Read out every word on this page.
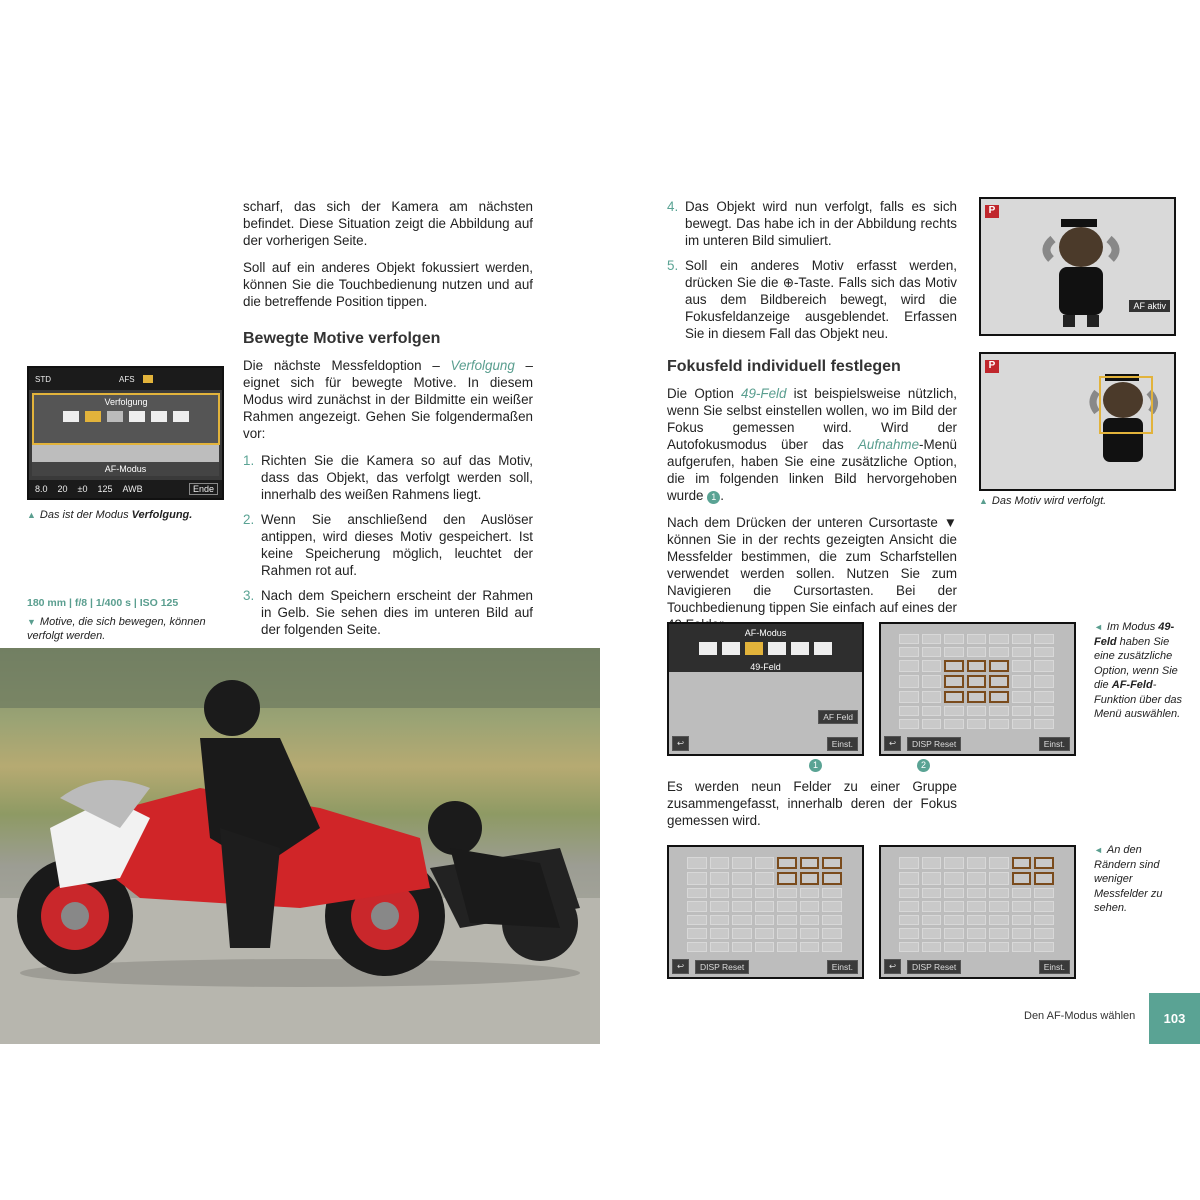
scharf, das sich der Kamera am nächsten befindet. Diese Situation zeigt die Abbildung auf der vorherigen Seite.

Soll auf ein anderes Objekt fokussiert werden, können Sie die Touchbedienung nutzen und auf die betreffende Position tippen.

Bewegte Motive verfolgen

Die nächste Messfeldoption – Verfolgung – eignet sich für bewegte Motive. In diesem Modus wird zunächst in der Bildmitte ein weißer Rahmen angezeigt. Gehen Sie folgendermaßen vor:

1. Richten Sie die Kamera so auf das Motiv, dass das Objekt, das verfolgt werden soll, innerhalb des weißen Rahmens liegt.
2. Wenn Sie anschließend den Auslöser antippen, wird dieses Motiv gespeichert. Ist keine Speicherung möglich, leuchtet der Rahmen rot auf.
3. Nach dem Speichern erscheint der Rahmen in Gelb. Sie sehen dies im unteren Bild auf der folgenden Seite.
STD	AFS
Verfolgung
AF-Modus
8.0 20 ±0 125 AWB	Ende
▲ Das ist der Modus Verfolgung.
180 mm | f/8 | 1/400 s | ISO 125
▼ Motive, die sich bewegen, können verfolgt werden.
4. Das Objekt wird nun verfolgt, falls es sich bewegt. Das habe ich in der Abbildung rechts im unteren Bild simuliert.
5. Soll ein anderes Motiv erfasst werden, drücken Sie die ⊕-Taste. Falls sich das Motiv aus dem Bildbereich bewegt, wird die Fokusfeldanzeige ausgeblendet. Erfassen Sie in diesem Fall das Objekt neu.
Fokusfeld individuell festlegen

Die Option 49-Feld ist beispielsweise nützlich, wenn Sie selbst einstellen wollen, wo im Bild der Fokus gemessen wird. Wird der Autofokusmodus über das Aufnahme-Menü aufgerufen, haben Sie eine zusätzliche Option, die im folgenden linken Bild hervorgehoben wurde 1 .

Nach dem Drücken der unteren Cursortaste ▼ können Sie in der rechts gezeigten Ansicht die Messfelder bestimmen, die zum Scharfstellen verwendet werden sollen. Nutzen Sie zum Navigieren die Cursortasten. Bei der Touchbedienung tippen Sie einfach auf eines der

P
AF aktiv
P
▲ Das Motiv wird verfolgt.
AF-Modus
49-Feld
AF Feld
↩	Einst.	↩	DISP Reset	Einst.
1	2
◄ Im Modus 49-Feld haben Sie eine zusätzliche Option, wenn Sie die AF-Feld-Funktion über das Menü auswählen.
Es werden neun Felder zu einer Gruppe zusammengefasst, innerhalb deren der Fokus gemessen wird.
↩	DISP Reset	Einst.	↩	DISP Reset	Einst.
◄ An den Rändern sind weniger Messfelder zu sehen.
Den AF-Modus wählen	103
